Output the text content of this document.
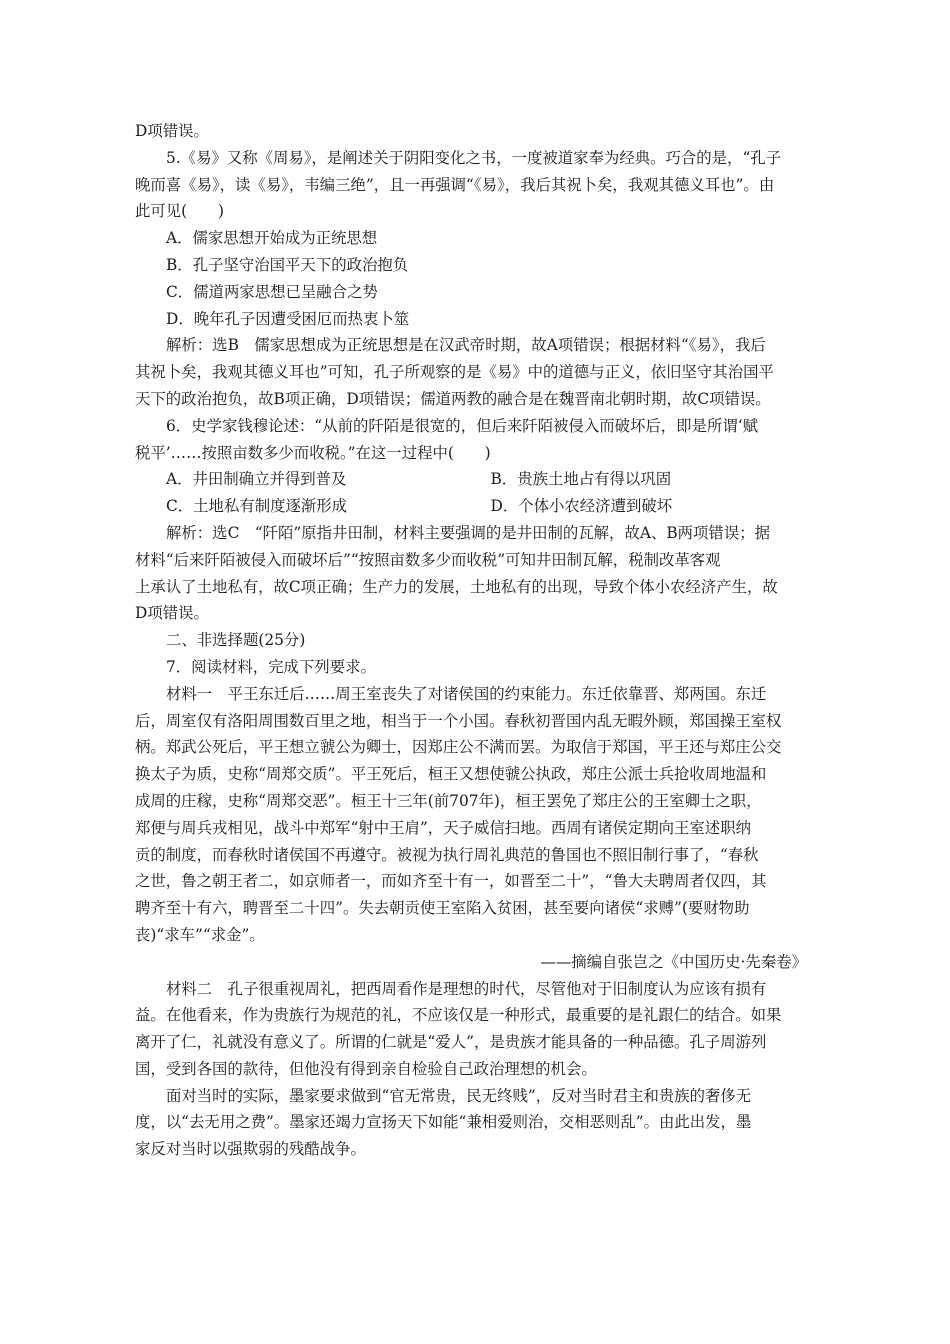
D项错误。
5.《易》又称《周易》，是阐述关于阴阳变化之书，一度被道家奉为经典。巧合的是，“孔子
晚而喜《易》，读《易》，韦编三绝”，且一再强调“《易》，我后其祝卜矣，我观其德义耳也”。由
此可见(　　)
A．儒家思想开始成为正统思想
B．孔子坚守治国平天下的政治抱负
C．儒道两家思想已呈融合之势
D．晚年孔子因遭受困厄而热衷卜筮
解析：选B　儒家思想成为正统思想是在汉武帝时期，故A项错误；根据材料“《易》，我后
其祝卜矣，我观其德义耳也”可知，孔子所观察的是《易》中的道德与正义，依旧坚守其治国平
天下的政治抱负，故B项正确，D项错误；儒道两教的融合是在魏晋南北朝时期，故C项错误。
6．史学家钱穆论述：“从前的阡陌是很宽的，但后来阡陌被侵入而破坏后，即是所谓‘赋
税平’……按照亩数多少而收税。”在这一过程中(　　)
A．井田制确立并得到普及	B．贵族土地占有得以巩固
C．土地私有制度逐渐形成	D．个体小农经济遭到破坏
解析：选C　“阡陌”原指井田制，材料主要强调的是井田制的瓦解，故A、B两项错误；据
材料“后来阡陌被侵入而破坏后”“按照亩数多少而收税”可知井田制瓦解，税制改革客观
上承认了土地私有，故C项正确；生产力的发展，土地私有的出现，导致个体小农经济产生，故
D项错误。
二、非选择题(25分)
7．阅读材料，完成下列要求。
材料一　平王东迁后……周王室丧失了对诸侯国的约束能力。东迁依靠晋、郑两国。东迁
后，周室仅有洛阳周围数百里之地，相当于一个小国。春秋初晋国内乱无暇外顾，郑国操王室权
柄。郑武公死后，平王想立虢公为卿士，因郑庄公不满而罢。为取信于郑国，平王还与郑庄公交
换太子为质，史称“周郑交质”。平王死后，桓王又想使虢公执政，郑庄公派士兵抢收周地温和
成周的庄稼，史称“周郑交恶”。桓王十三年(前707年)，桓王罢免了郑庄公的王室卿士之职，
郑便与周兵戎相见，战斗中郑军“射中王肩”，天子威信扫地。西周有诸侯定期向王室述职纳
贡的制度，而春秋时诸侯国不再遵守。被视为执行周礼典范的鲁国也不照旧制行事了，“春秋
之世，鲁之朝王者二，如京师者一，而如齐至十有一，如晋至二十”，“鲁大夫聘周者仅四，其
聘齐至十有六，聘晋至二十四”。失去朝贡使王室陷入贫困，甚至要向诸侯“求赙”(要财物助
丧)“求车”“求金”。
——摘编自张岂之《中国历史·先秦卷》
材料二　孔子很重视周礼，把西周看作是理想的时代，尽管他对于旧制度认为应该有损有
益。在他看来，作为贵族行为规范的礼，不应该仅是一种形式，最重要的是礼跟仁的结合。如果
离开了仁，礼就没有意义了。所谓的仁就是“爱人”，是贵族才能具备的一种品德。孔子周游列
国，受到各国的款待，但他没有得到亲自检验自己政治理想的机会。
面对当时的实际，墨家要求做到“官无常贵，民无终贱”，反对当时君主和贵族的奢侈无
度，以“去无用之费”。墨家还竭力宣扬天下如能“兼相爱则治，交相恶则乱”。由此出发，墨
家反对当时以强欺弱的残酷战争。
